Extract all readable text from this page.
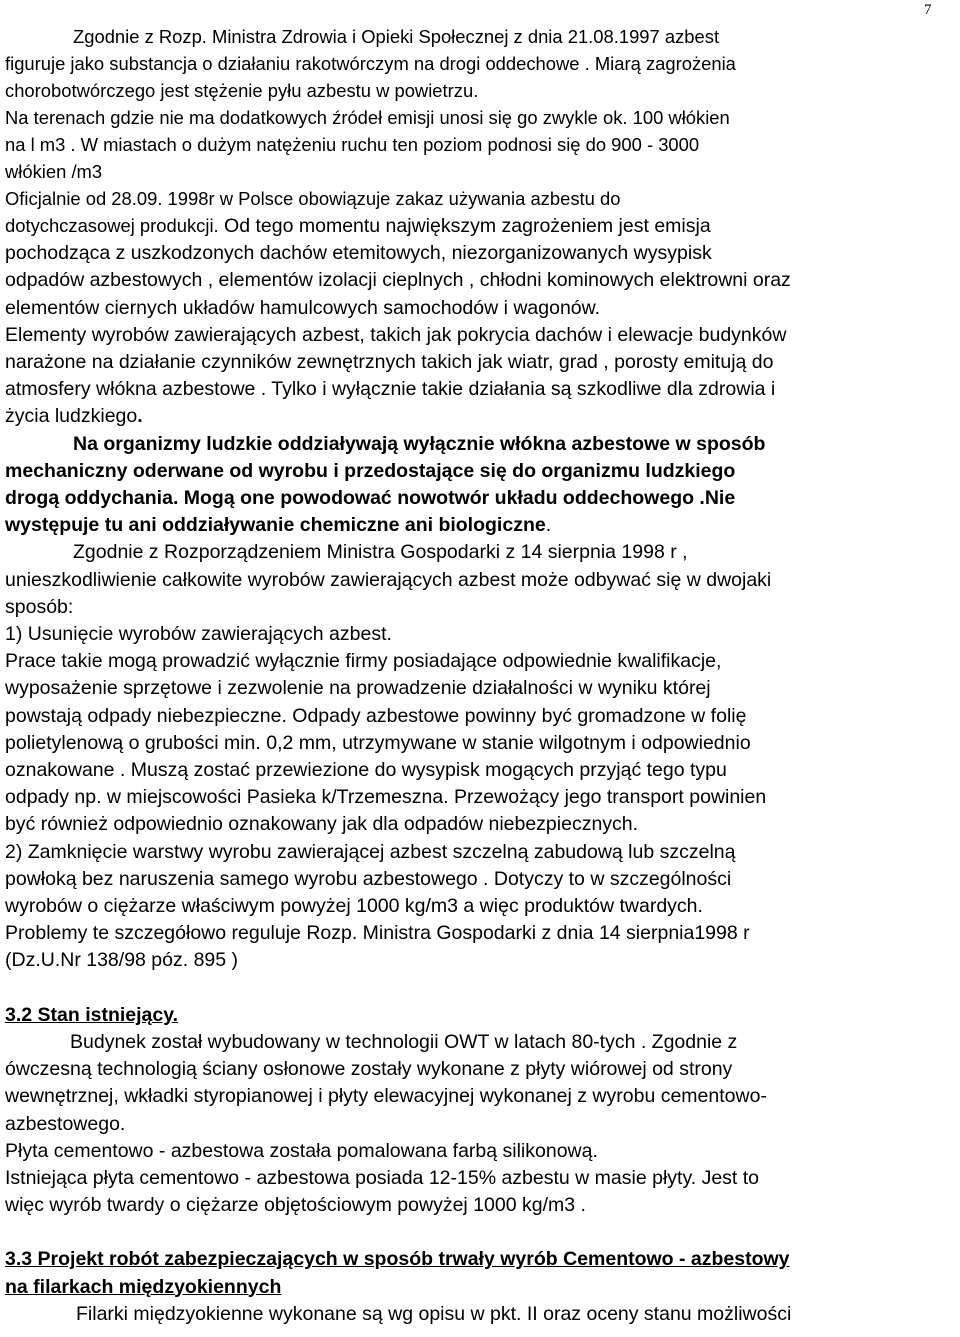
7
Zgodnie z Rozp. Ministra Zdrowia i Opieki Społecznej z dnia 21.08.1997 azbest
figuruje jako substancja o działaniu rakotwórczym na drogi oddechowe . Miarą zagrożenia
chorobotwórczego jest stężenie pyłu azbestu w powietrzu.
Na terenach gdzie nie ma dodatkowych źródeł emisji unosi się go zwykle ok. 100 włókien
na l m3 . W miastach o dużym natężeniu ruchu ten poziom podnosi się do 900 - 3000
włókien /m3
Oficjalnie od 28.09. 1998r w Polsce obowiązuje zakaz używania azbestu do
dotychczasowej produkcji. Od tego momentu największym zagrożeniem jest emisja
pochodząca z uszkodzonych dachów etemitowych, niezorganizowanych wysypisk
odpadów azbestowych , elementów izolacji cieplnych , chłodni kominowych elektrowni oraz
elementów ciernych układów hamulcowych samochodów i wagonów.
Elementy wyrobów zawierających azbest, takich jak pokrycia dachów i elewacje budynków
narażone na działanie czynników zewnętrznych takich jak wiatr, grad , porosty emitują do
atmosfery włókna azbestowe . Tylko i wyłącznie takie działania są szkodliwe dla zdrowia i
życia ludzkiego.
Na organizmy ludzkie oddziaływają wyłącznie włókna azbestowe w sposób
mechaniczny oderwane od wyrobu i przedostające się do organizmu ludzkiego
drogą oddychania. Mogą one powodować nowotwór układu oddechowego .Nie
występuje tu ani oddziaływanie chemiczne ani biologiczne.
Zgodnie z Rozporządzeniem Ministra Gospodarki z 14 sierpnia 1998 r ,
unieszkodliwienie całkowite wyrobów zawierających azbest może odbywać się w dwojaki
sposób:
1) Usunięcie wyrobów zawierających azbest.
Prace takie mogą prowadzić wyłącznie firmy posiadające odpowiednie kwalifikacje,
wyposażenie sprzętowe i zezwolenie na prowadzenie działalności w wyniku której
powstają odpady niebezpieczne. Odpady azbestowe powinny być gromadzone w folię
polietylenową o grubości min. 0,2 mm, utrzymywane w stanie wilgotnym i odpowiednio
oznakowane . Muszą zostać przewiezione do wysypisk mogących przyjąć tego typu
odpady np. w miejscowości Pasieka k/Trzemeszna. Przewożący jego transport powinien
być również odpowiednio oznakowany jak dla odpadów niebezpiecznych.
2) Zamknięcie warstwy wyrobu zawierającej azbest szczelną zabudową lub szczelną
powłoką bez naruszenia samego wyrobu azbestowego . Dotyczy to w szczególności
wyrobów o ciężarze właściwym powyżej 1000 kg/m3 a więc produktów twardych.
Problemy te szczegółowo reguluje Rozp. Ministra Gospodarki z dnia 14 sierpnia1998 r
(Dz.U.Nr 138/98 póz. 895 )
3.2 Stan istniejący.
Budynek został wybudowany w technologii OWT w latach 80-tych . Zgodnie z
ówczesną technologią ściany osłonowe zostały wykonane z płyty wiórowej od strony
wewnętrznej, wkładki styropianowej i płyty elewacyjnej wykonanej z wyrobu cementowo-
azbestowego.
Płyta cementowo - azbestowa została pomalowana farbą silikonową.
Istniejąca płyta cementowo - azbestowa posiada 12-15% azbestu w masie płyty. Jest to
więc wyrób twardy o ciężarze objętościowym powyżej 1000 kg/m3 .
3.3 Projekt robót zabezpieczających w sposób trwały wyrób Cementowo - azbestowy
na filarkach międzyokiennych
Filarki międzyokienne wykonane są wg opisu w pkt. II oraz oceny stanu możliwości
